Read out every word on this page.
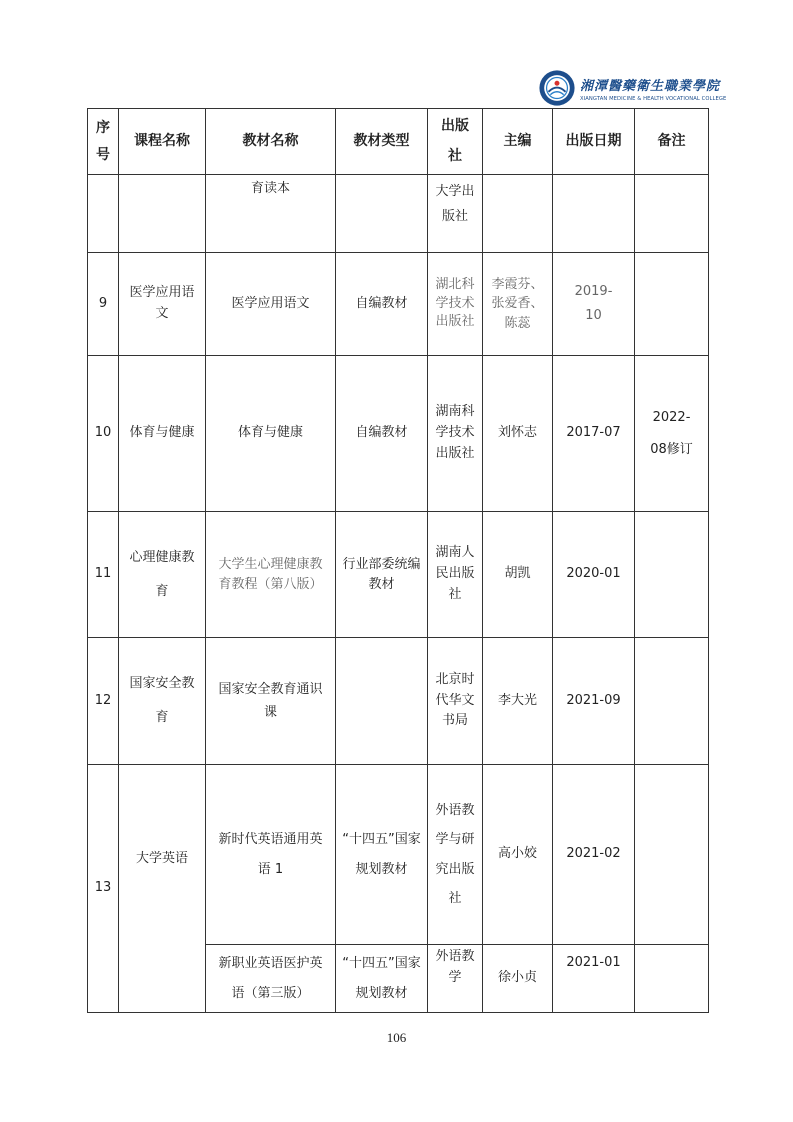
湘潭醫藥衛生職業學院
XIANGTAN MEDICINE & HEALTH VOCATIONAL COLLEGE
序号	课程名称	教材名称	教材类型	出版社	主编	出版日期	备注
		育读本		大学出版社			
9	医学应用语文	医学应用语文	自编教材	湖北科学技术出版社	李霞芬、张爱香、陈蕊	2019-10	
10	体育与健康	体育与健康	自编教材	湖南科学技术出版社	刘怀志	2017-07	2022-08修订
11	心理健康教育	大学生心理健康教育教程（第八版）	行业部委统编教材	湖南人民出版社	胡凯	2020-01	
12	国家安全教育	国家安全教育通识课		北京时代华文书局	李大光	2021-09	
13	大学英语	新时代英语通用英语 1	“十四五”国家规划教材	外语教学与研究出版社	高小姣	2021-02	
		新职业英语医护英语（第三版）	“十四五”国家规划教材	外语教学	徐小贞	2021-01	
106
